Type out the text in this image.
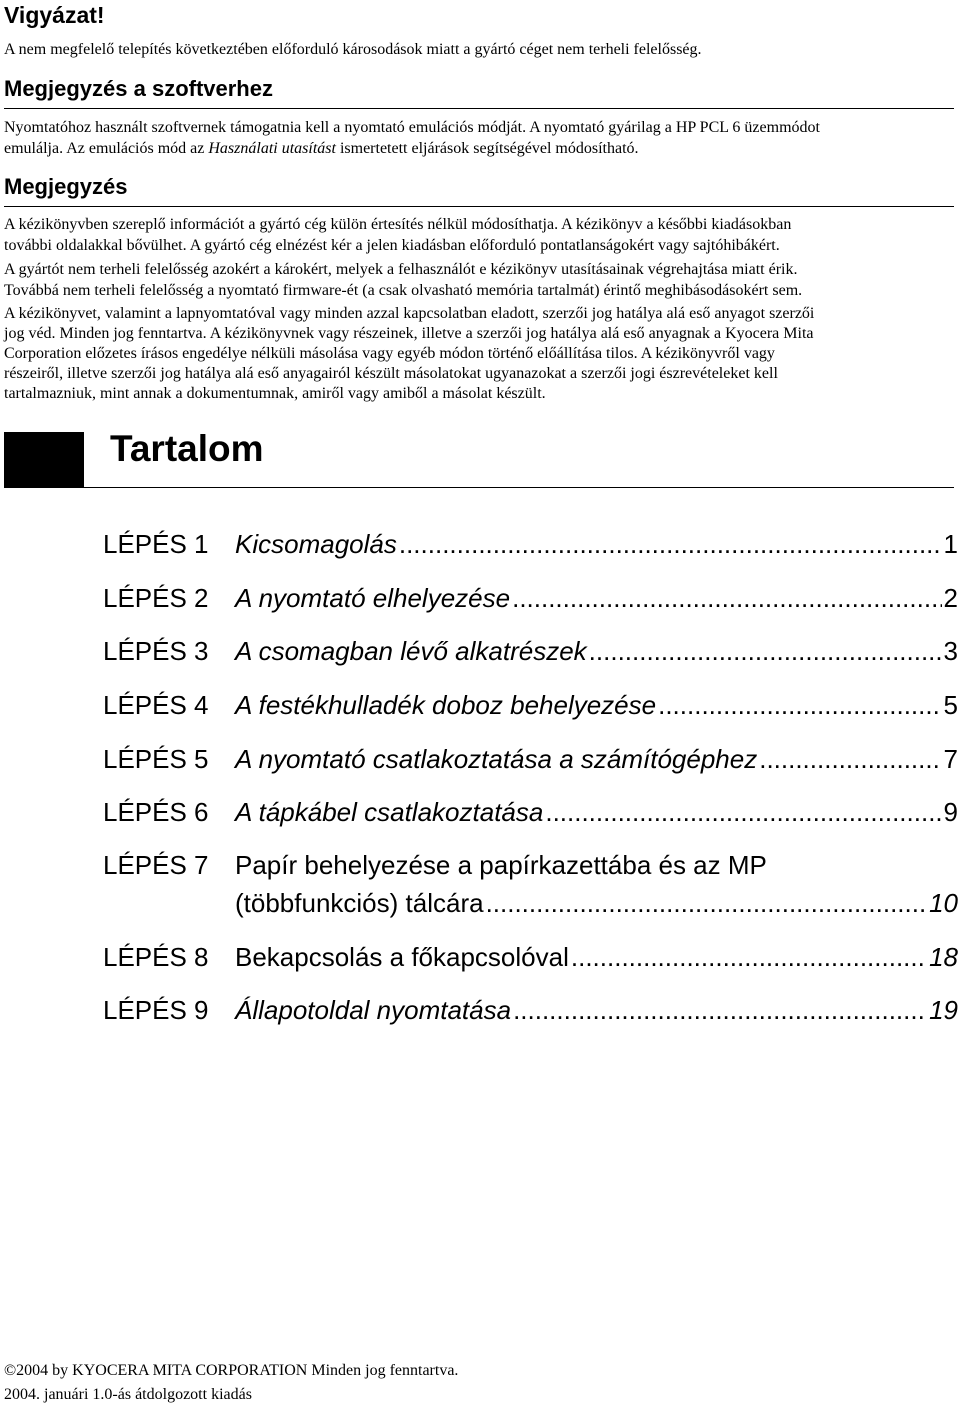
Vigyázat!

A nem megfelelő telepítés következtében előforduló károsodások miatt a gyártó céget nem terheli felelősség.

Megjegyzés a szoftverhez

Nyomtatóhoz használt szoftvernek támogatnia kell a nyomtató emulációs módját. A nyomtató gyárilag a HP PCL 6 üzemmódot

emulálja. Az emulációs mód az Használati utasítást ismertetett eljárások segítségével módosítható.

Megjegyzés

A kézikönyvben szereplő információt a gyártó cég külön értesítés nélkül módosíthatja. A kézikönyv a későbbi kiadásokban

további oldalakkal bővülhet. A gyártó cég elnézést kér a jelen kiadásban előforduló pontatlanságokért vagy sajtóhibákért.

A gyártót nem terheli felelősség azokért a károkért, melyek a felhasználót e kézikönyv utasításainak végrehajtása miatt érik.

Továbbá nem terheli felelősség a nyomtató firmware-ét (a csak olvasható memória tartalmát) érintő meghibásodásokért sem.

A kézikönyvet, valamint a lapnyomtatóval vagy minden azzal kapcsolatban eladott, szerzői jog hatálya alá eső anyagot szerzői

jog véd. Minden jog fenntartva. A kézikönyvnek vagy részeinek, illetve a szerzői jog hatálya alá eső anyagnak a Kyocera Mita

Corporation előzetes írásos engedélye nélküli másolása vagy egyéb módon történő előállítása tilos. A kézikönyvről vagy

részeiről, illetve szerzői jog hatálya alá eső anyagairól készült másolatokat ugyanazokat a szerzői jogi észrevételeket kell

tartalmazniuk, mint annak a dokumentumnak, amiről vagy amiből a másolat készült.

Tartalom
LÉPÉS 1 Kicsomagolás .....	1
LÉPÉS 2 A nyomtató elhelyezése .....	2
LÉPÉS 3 A csomagban lévő alkatrészek .....	3
LÉPÉS 4 A festékhulladék doboz behelyezése .....	5
LÉPÉS 5 A nyomtató csatlakoztatása a számítógéphez .....	7
LÉPÉS 6 A tápkábel csatlakoztatása .....	9
LÉPÉS 7 Papír behelyezése a papírkazettába és az MP
(többfunkciós) tálcára .....	10
LÉPÉS 8 Bekapcsolás a főkapcsolóval .....	18
LÉPÉS 9 Állapotoldal nyomtatása .....	19
©2004 by KYOCERA MITA CORPORATION Minden jog fenntartva.
2004. januári 1.0-ás átdolgozott kiadás
